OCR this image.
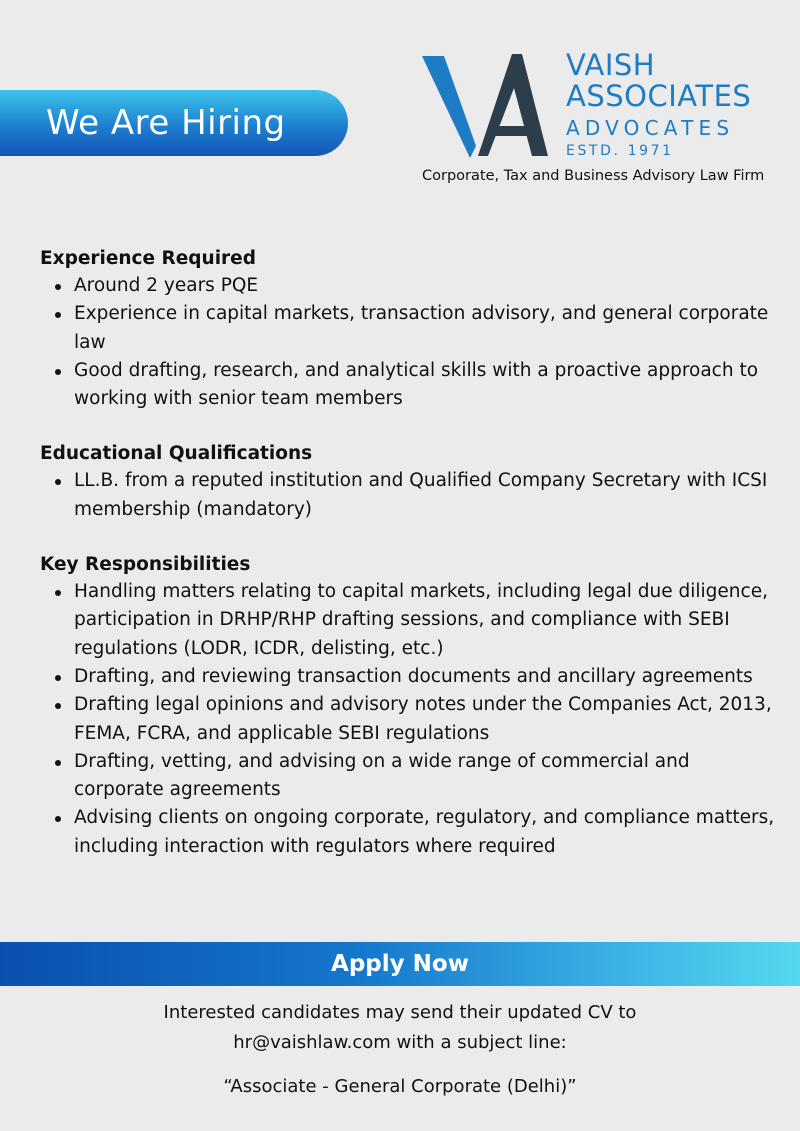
We Are Hiring
VAISH
ASSOCIATES
ADVOCATES
ESTD. 1971
Corporate, Tax and Business Advisory Law Firm
Experience Required
Around 2 years PQE
Experience in capital markets, transaction advisory, and general corporate law
Good drafting, research, and analytical skills with a proactive approach to working with senior team members
Educational Qualifications
LL.B. from a reputed institution and Qualified Company Secretary with ICSI membership (mandatory)
Key Responsibilities
Handling matters relating to capital markets, including legal due diligence, participation in DRHP/RHP drafting sessions, and compliance with SEBI regulations (LODR, ICDR, delisting, etc.)
Drafting, and reviewing transaction documents and ancillary agreements
Drafting legal opinions and advisory notes under the Companies Act, 2013, FEMA, FCRA, and applicable SEBI regulations
Drafting, vetting, and advising on a wide range of commercial and corporate agreements
Advising clients on ongoing corporate, regulatory, and compliance matters, including interaction with regulators where required
Apply Now

Interested candidates may send their updated CV to

hr@vaishlaw.com with a subject line:

“Associate - General Corporate (Delhi)”
